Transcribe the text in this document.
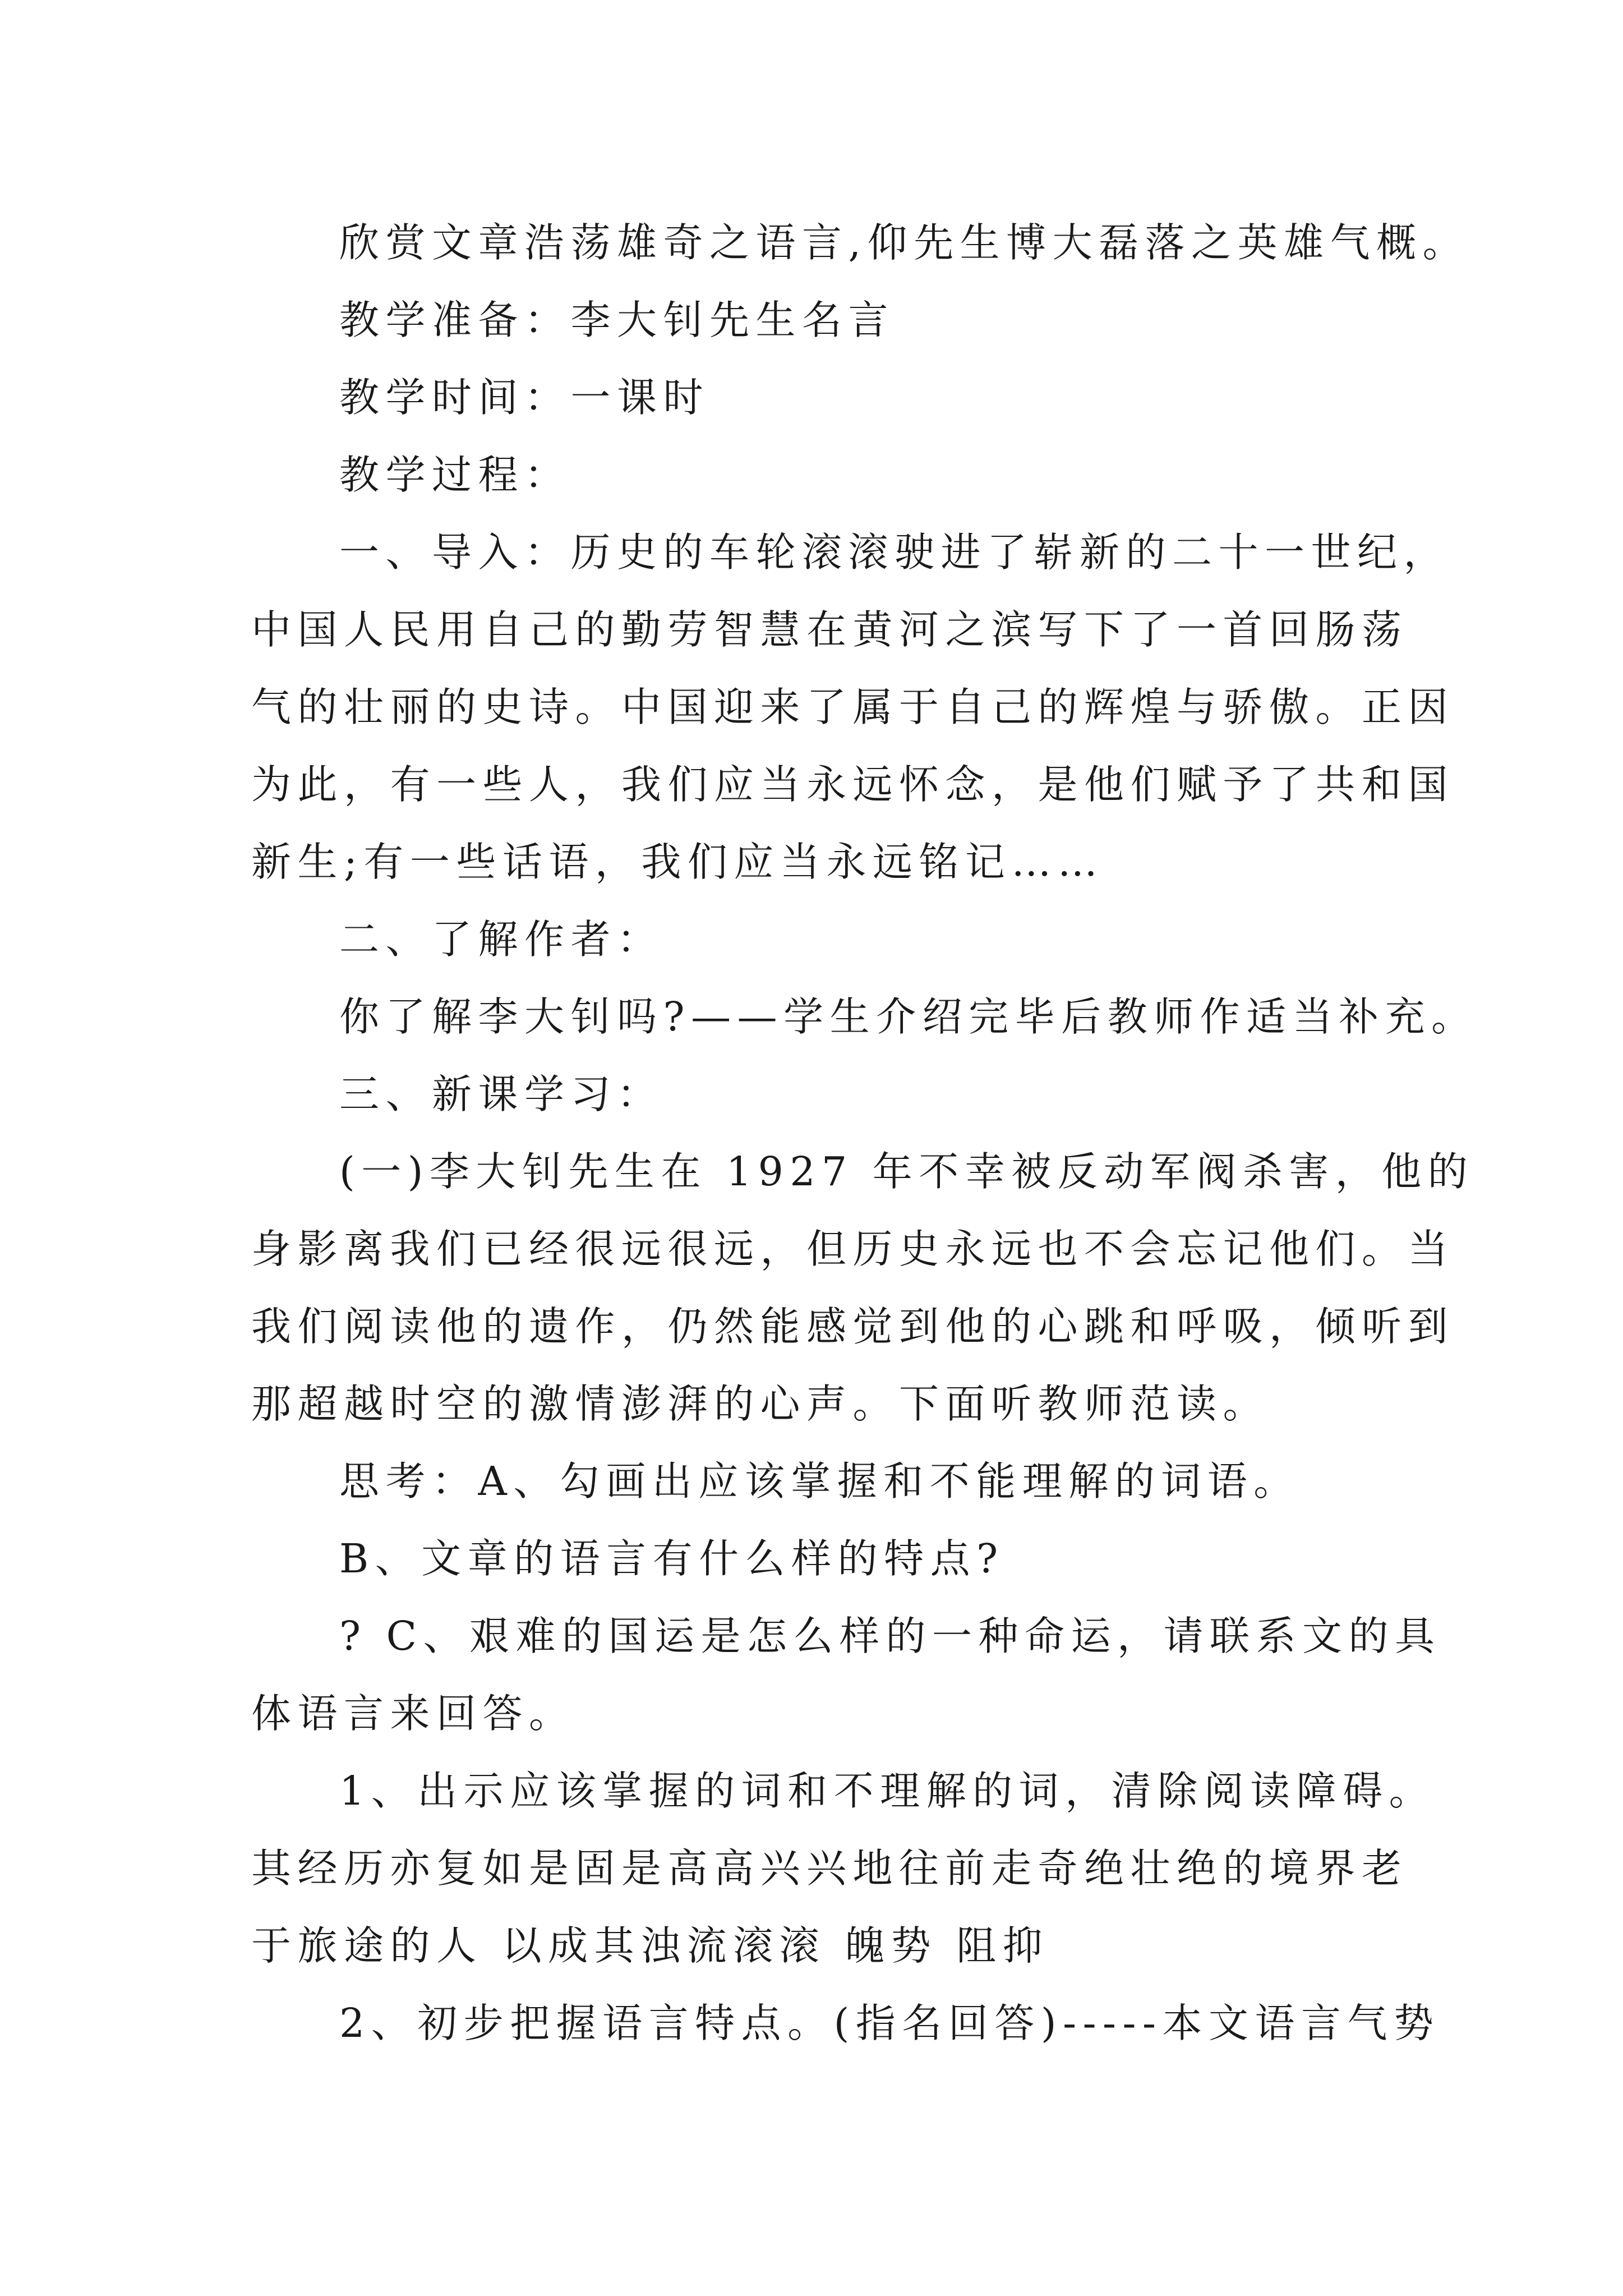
欣赏文章浩荡雄奇之语言,仰先生博大磊落之英雄气概。
教学准备：李大钊先生名言
教学时间：一课时
教学过程：
一、导入：历史的车轮滚滚驶进了崭新的二十一世纪，
中国人民用自己的勤劳智慧在黄河之滨写下了一首回肠荡
气的壮丽的史诗。中国迎来了属于自己的辉煌与骄傲。正因
为此，有一些人，我们应当永远怀念，是他们赋予了共和国
新生;有一些话语，我们应当永远铭记……
二、了解作者：
你了解李大钊吗?——学生介绍完毕后教师作适当补充。
三、新课学习：
(一)李大钊先生在 1927 年不幸被反动军阀杀害，他的
身影离我们已经很远很远，但历史永远也不会忘记他们。当
我们阅读他的遗作，仍然能感觉到他的心跳和呼吸，倾听到
那超越时空的激情澎湃的心声。下面听教师范读。
思考：A、勾画出应该掌握和不能理解的词语。
B、文章的语言有什么样的特点?
? C、艰难的国运是怎么样的一种命运，请联系文的具
体语言来回答。
1、出示应该掌握的词和不理解的词，清除阅读障碍。
其经历亦复如是固是高高兴兴地往前走奇绝壮绝的境界老
于旅途的人 以成其浊流滚滚 魄势 阻抑
2、初步把握语言特点。(指名回答)-----本文语言气势
